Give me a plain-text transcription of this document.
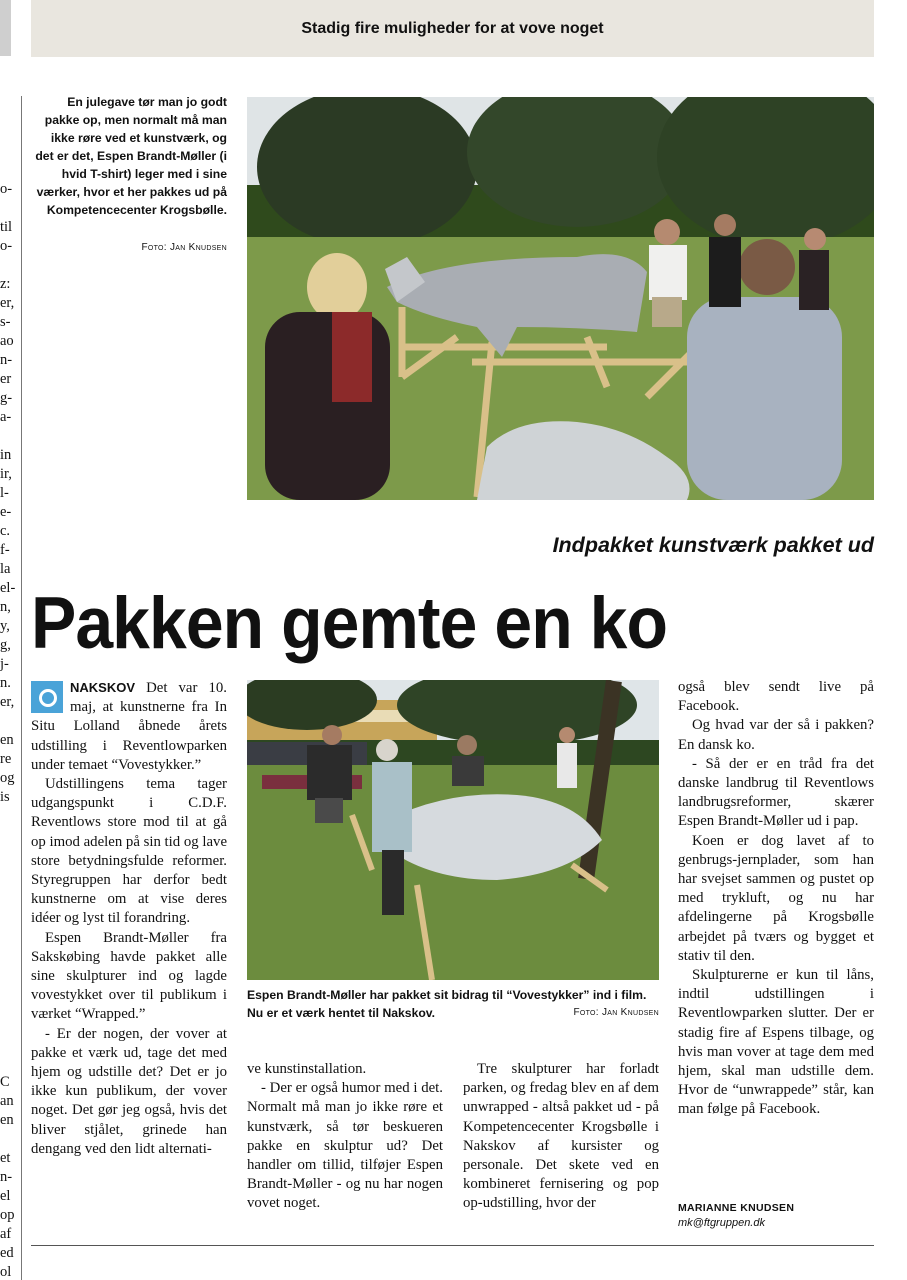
o-

til
o-

z:
er,
s-
ao
n-
er
g-
a-

in
ir,
l-
e-
c.
f-
la
el-
n,
y,
g,
j-
n.
er,

en
re
og
is

C
an
en

et
n-
el
op
af
ed
ol
Stadig fire muligheder for at vove noget
En julegave tør man jo godt pakke op, men normalt må man ikke røre ved et kunstværk, og det er det, Espen Brandt-Møller (i hvid T-shirt) leger med i sine værker, hvor et her pakkes ud på Kompetencecenter Krogsbølle.
Foto: Jan Knudsen
Indpakket kunstværk pakket ud
Pakken gemte en ko

NAKSKOV Det var 10. maj, at kunstnerne fra In Situ Lolland åbnede årets udstilling i Reventlowparken under temaet “Vovestykker.”

Udstillingens tema tager udgangspunkt i C.D.F. Reventlows store mod til at gå op imod adelen på sin tid og lave store betydningsfulde reformer. Styregruppen har derfor bedt kunstnerne om at vise deres idéer og lyst til forandring.

Espen Brandt-Møller fra Sakskøbing havde pakket alle sine skulpturer ind og lagde vovestykket over til publikum i værket “Wrapped.”

- Er der nogen, der vover at pakke et værk ud, tage det med hjem og udstille det? Det er jo ikke kun publikum, der vover noget. Det gør jeg også, hvis det bliver stjålet, grinede han dengang ved den lidt alternati-

Espen Brandt-Møller har pakket sit bidrag til “Vovestykker” ind i film. Nu er et værk hentet til Nakskov.	Foto: Jan Knudsen

ve kunstinstallation.

- Der er også humor med i det. Normalt må man jo ikke røre et kunstværk, så tør beskueren pakke en skulptur ud? Det handler om tillid, tilføjer Espen Brandt-Møller - og nu har nogen vovet noget.

Tre skulpturer har forladt parken, og fredag blev en af dem unwrapped - altså pakket ud - på Kompetencecenter Krogsbølle i Nakskov af kursister og personale. Det skete ved en kombineret fernisering og pop op-udstilling, hvor der

også blev sendt live på Facebook.

Og hvad var der så i pakken? En dansk ko.

- Så der er en tråd fra det danske landbrug til Reventlows landbrugsreformer, skærer Espen Brandt-Møller ud i pap.

Koen er dog lavet af to genbrugs-jernplader, som han har svejset sammen og pustet op med trykluft, og nu har afdelingerne på Krogsbølle arbejdet på tværs og bygget et stativ til den.

Skulpturerne er kun til låns, indtil udstillingen i Reventlowparken slutter. Der er stadig fire af Espens tilbage, og hvis man vover at tage dem med hjem, skal man udstille dem. Hvor de “unwrappede” står, kan man følge på Facebook.

MARIANNE KNUDSEN
mk@ftgruppen.dk
